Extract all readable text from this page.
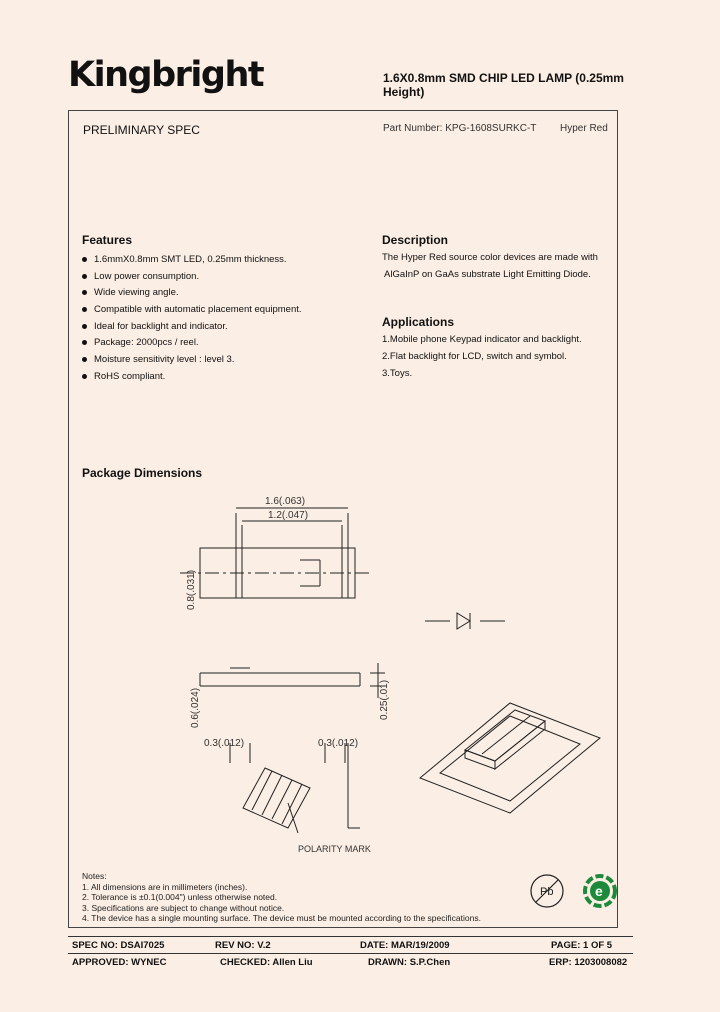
Kingbright	1.6X0.8mm SMD CHIP LED LAMP (0.25mm Height)
PRELIMINARY SPEC	Part Number: KPG-1608SURKC-T Hyper Red
Features
1.6mmX0.8mm SMT LED, 0.25mm thickness.
Low power consumption.
Wide viewing angle.
Compatible with automatic placement equipment.
Ideal for backlight and indicator.
Package: 2000pcs / reel.
Moisture sensitivity level : level 3.
RoHS compliant.
Description
The Hyper Red source color devices are made with
AlGaInP on GaAs substrate Light Emitting Diode.
Applications
1.Mobile phone Keypad indicator and backlight.
2.Flat backlight for LCD, switch and symbol.
3.Toys.
Package Dimensions
1.6(.063)
1.2(.047)
0.8(.031)
0.6(.024)	0.25(.01)
0.3(.012)	0.3(.012)
POLARITY MARK
Notes:
1. All dimensions are in millimeters (inches).
2. Tolerance is ±0.1(0.004") unless otherwise noted.
3. Specifications are subject to change without notice.
4. The device has a single mounting surface. The device must be mounted according to the specifications.
Pb	e
SPEC NO: DSAI7025	REV NO: V.2	DATE: MAR/19/2009	PAGE: 1 OF 5
APPROVED: WYNEC	CHECKED: Allen Liu	DRAWN: S.P.Chen	ERP: 1203008082
